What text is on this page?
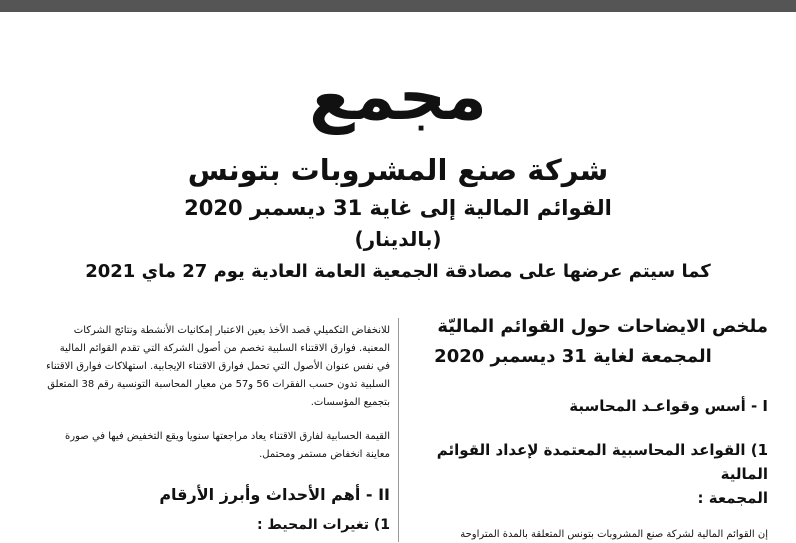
مجمع
شركة صنع المشروبات بتونس
القوائم المالية إلى غاية 31 ديسمبر 2020
(بالدينار)
كما سيتم عرضها على مصادقة الجمعية العامة العادية يوم 27 ماي 2021

ملخص الايضاحات حول القوائم الماليّة
المجمعة لغاية 31 ديسمبر 2020

I - أسس وقواعـد المحاسبة

1) القواعد المحاسبية المعتمدة لإعداد القوائم المالية
المجمعة :

إن القوائم المالية لشركة صنع المشروبات بتونس المتعلقة بالمدة المتراوحة

للانخفاض التكميلي قصد الأخذ بعين الاعتبار إمكانيات الأنشطة ونتائج الشركات
المعنية. فوارق الاقتناء السلبية تخصم من أصول الشركة التي تقدم القوائم المالية
في نفس عنوان الأصول التي تحمل فوارق الاقتناء الإيجابية. استهلاكات فوارق الاقتناء
السلبية تدون حسب الفقرات 56 و57 من معيار المحاسبة التونسية رقم 38 المتعلق
بتجميع المؤسسات.

القيمة الحسابية لفارق الاقتناء يعاد مراجعتها سنويا ويقع التخفيض فيها في صورة
معاينة انخفاض مستمر ومحتمل.

II - أهم الأحداث وأبرز الأرقام

1) تغيرات المحيط :
